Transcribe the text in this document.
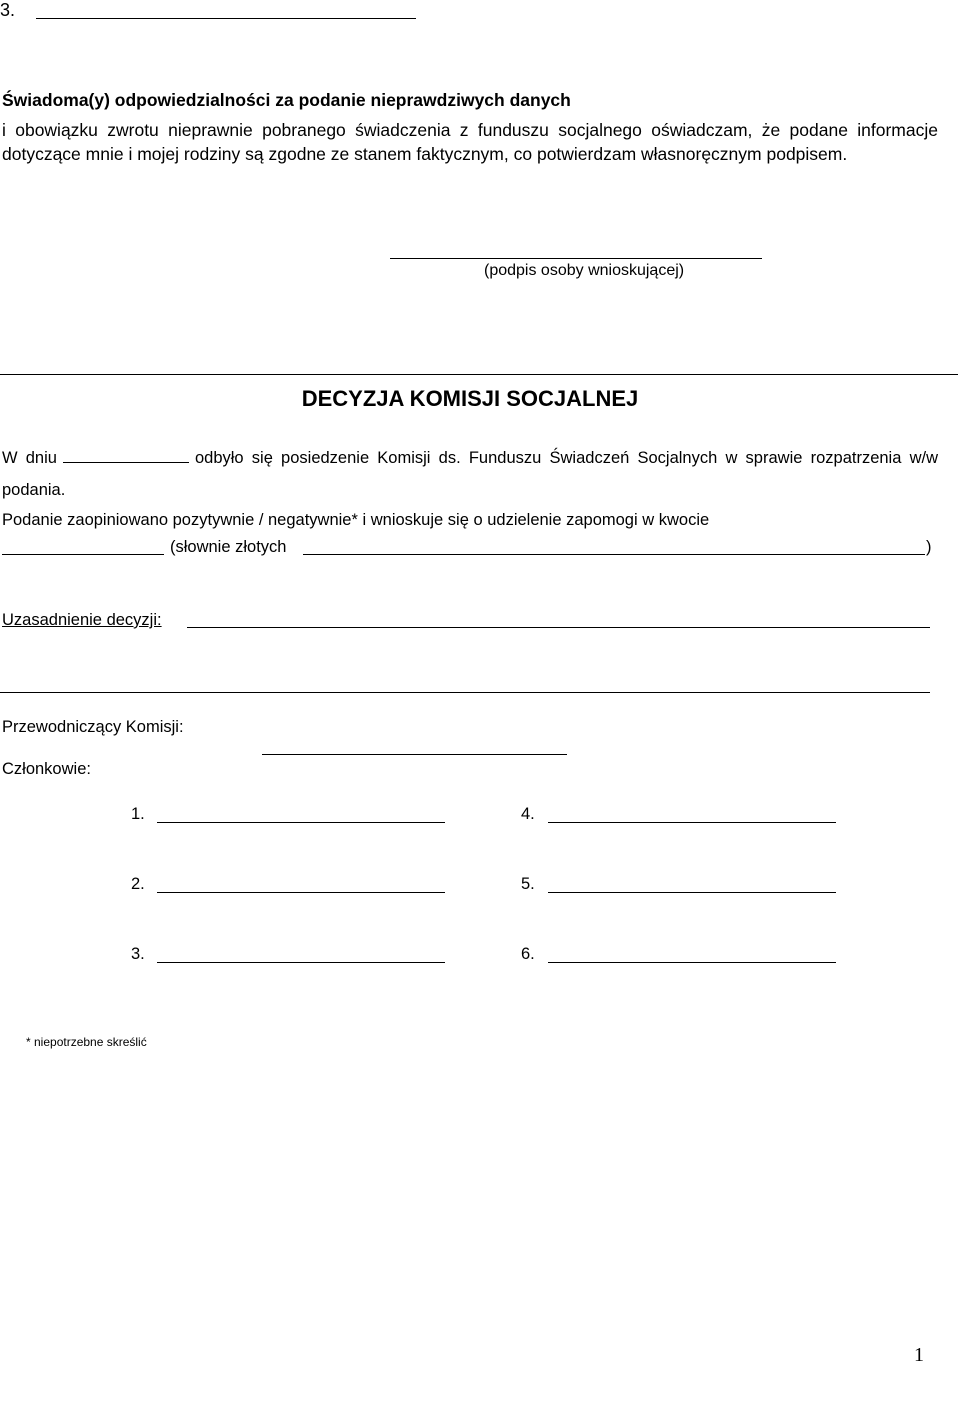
3.
Świadoma(y) odpowiedzialności za podanie nieprawdziwych danych
i obowiązku zwrotu nieprawnie pobranego świadczenia z funduszu socjalnego oświadczam, że podane informacje dotyczące mnie i mojej rodziny są zgodne ze stanem faktycznym, co potwierdzam własnoręcznym podpisem.
(podpis osoby wnioskującej)
DECYZJA KOMISJI SOCJALNEJ
W dniu	odbyło się posiedzenie Komisji ds. Funduszu Świadczeń Socjalnych w sprawie rozpatrzenia w/w podania.
Podanie zaopiniowano pozytywnie / negatywnie* i wnioskuje się o udzielenie zapomogi w kwocie
(słownie złotych	)
Uzasadnienie decyzji:
Przewodniczący Komisji:
Członkowie:
1.	4.
2.	5.
3.	6.
* niepotrzebne skreślić
1
